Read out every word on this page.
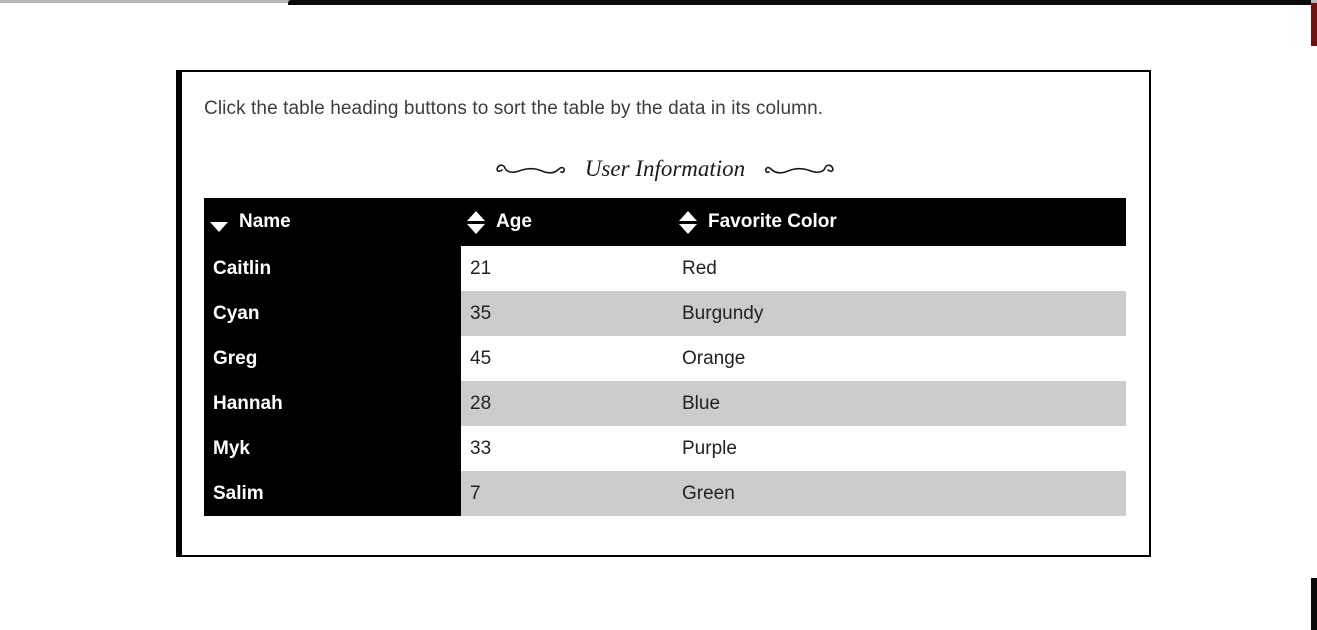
Click the table heading buttons to sort the table by the data in its column.

User Information
Name	Age	Favorite Color

Caitlin	21	Red
Cyan	35	Burgundy
Greg	45	Orange
Hannah	28	Blue
Myk	33	Purple
Salim	7	Green
